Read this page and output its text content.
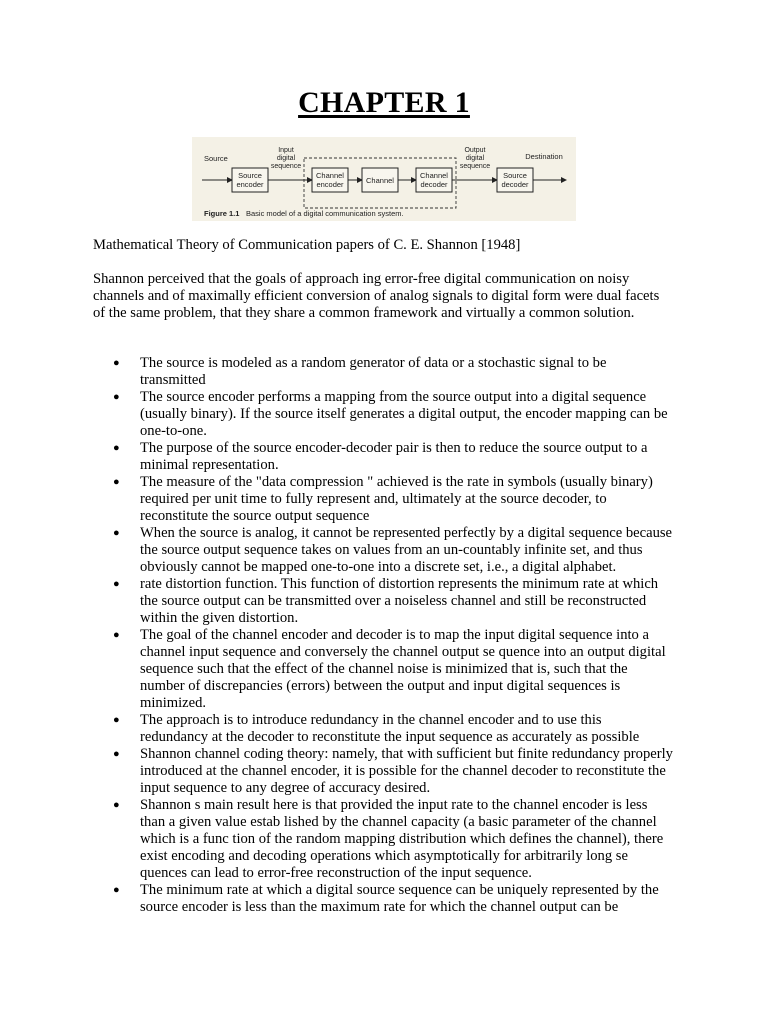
CHAPTER 1
Source
encoder
Channel
encoder	Channel
Channel
decoder
Source
decoder
Source
Input
digital
sequence
Output
digital
sequence
Destination
Figure 1.1 Basic model of a digital communication system.
Mathematical Theory of Communication papers of C. E. Shannon [1948]
Shannon perceived that the goals of approach ing error-free digital communication on noisy channels and of maximally efficient conversion of analog signals to digital form were dual facets of the same problem, that they share a common framework and virtually a common solution.
● The source is modeled as a random generator of data or a stochastic signal to be transmitted
● The source encoder performs a mapping from the source output into a digital sequence (usually binary). If the source itself generates a digital output, the encoder mapping can be one-to-one.
● The purpose of the source encoder-decoder pair is then to reduce the source output to a minimal representation.
● The measure of the "data compression " achieved is the rate in symbols (usually binary) required per unit time to fully represent and, ultimately at the source decoder, to reconstitute the source output sequence
● When the source is analog, it cannot be represented perfectly by a digital sequence because the source output sequence takes on values from an un-countably infinite set, and thus obviously cannot be mapped one-to-one into a discrete set, i.e., a digital alphabet.
● rate distortion function. This function of distortion represents the minimum rate at which the source output can be transmitted over a noiseless channel and still be reconstructed within the given distortion.
● The goal of the channel encoder and decoder is to map the input digital sequence into a channel input sequence and conversely the channel output se quence into an output digital sequence such that the effect of the channel noise is minimized that is, such that the number of discrepancies (errors) between the output and input digital sequences is minimized.
● The approach is to introduce redundancy in the channel encoder and to use this redundancy at the decoder to reconstitute the input sequence as accurately as possible
● Shannon channel coding theory: namely, that with sufficient but finite redundancy properly introduced at the channel encoder, it is possible for the channel decoder to reconstitute the input sequence to any degree of accuracy desired.
● Shannon s main result here is that provided the input rate to the channel encoder is less than a given value estab lished by the channel capacity (a basic parameter of the channel which is a func tion of the random mapping distribution which defines the channel), there exist encoding and decoding operations which asymptotically for arbitrarily long se quences can lead to error-free reconstruction of the input sequence.
● The minimum rate at which a digital source sequence can be uniquely represented by the source encoder is less than the maximum rate for which the channel output can be
